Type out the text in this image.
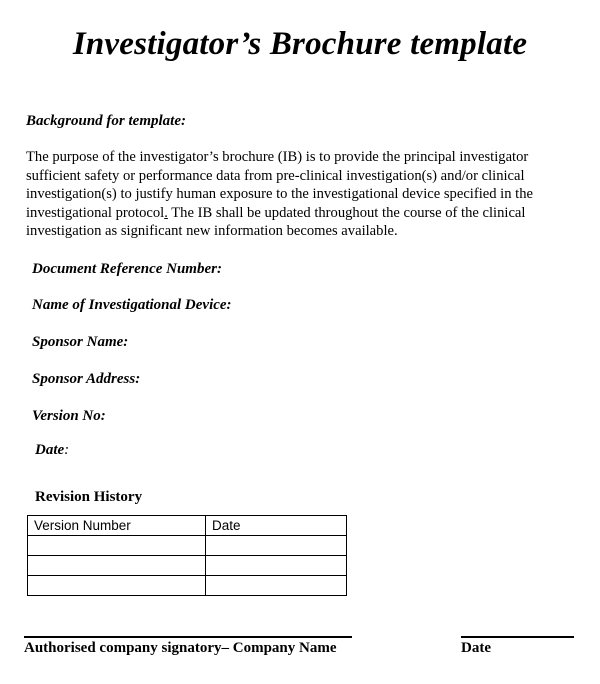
Investigator’s Brochure template
Background for template:
The purpose of the investigator’s brochure (IB) is to provide the principal investigator
sufficient safety or performance data from pre-clinical investigation(s) and/or clinical
investigation(s) to justify human exposure to the investigational device specified in the
investigational protocol. The IB shall be updated throughout the course of the clinical
investigation as significant new information becomes available.
Document Reference Number:
Name of Investigational Device:
Sponsor Name:
Sponsor Address:
Version No:
Date:
Revision History
Version Number	Date

Authorised company signatory– Company Name	Date
